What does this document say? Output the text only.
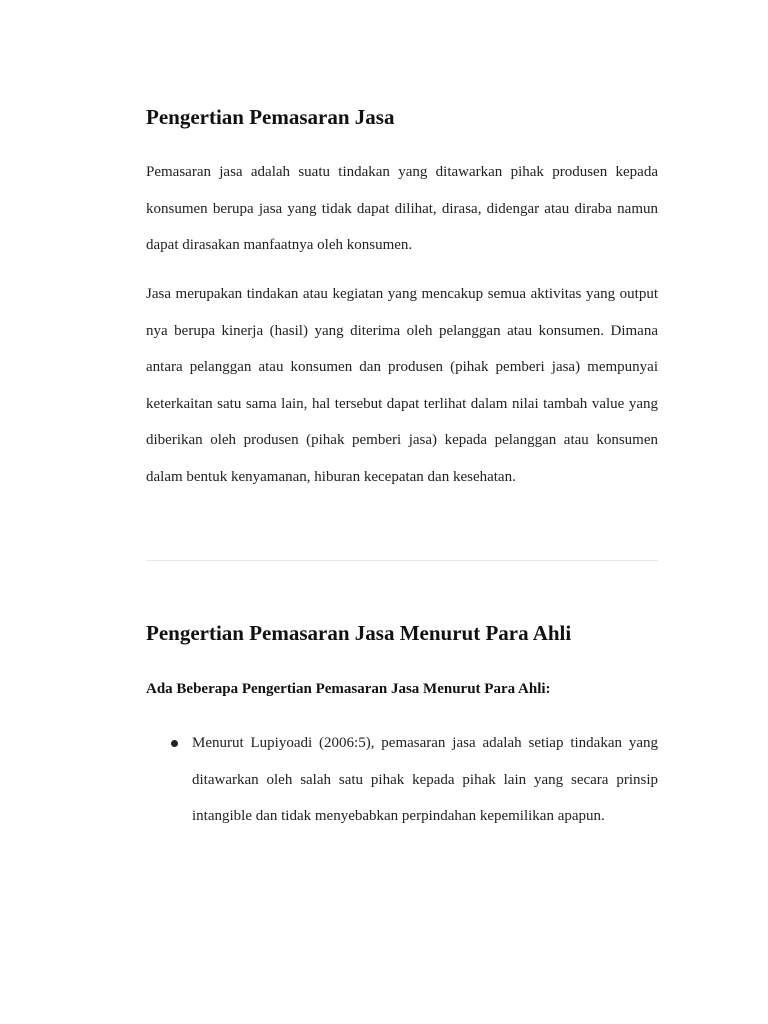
Pengertian Pemasaran Jasa

Pemasaran jasa adalah suatu tindakan yang ditawarkan pihak produsen kepada konsumen berupa jasa yang tidak dapat dilihat, dirasa, didengar atau diraba namun dapat dirasakan manfaatnya oleh konsumen.

Jasa merupakan tindakan atau kegiatan yang mencakup semua aktivitas yang output nya berupa kinerja (hasil) yang diterima oleh pelanggan atau konsumen. Dimana antara pelanggan atau konsumen dan produsen (pihak pemberi jasa) mempunyai keterkaitan satu sama lain, hal tersebut dapat terlihat dalam nilai tambah value yang diberikan oleh produsen (pihak pemberi jasa) kepada pelanggan atau konsumen dalam bentuk kenyamanan, hiburan kecepatan dan kesehatan.

Pengertian Pemasaran Jasa Menurut Para Ahli

Ada Beberapa Pengertian Pemasaran Jasa Menurut Para Ahli:

Menurut Lupiyoadi (2006:5), pemasaran jasa adalah setiap tindakan yang ditawarkan oleh salah satu pihak kepada pihak lain yang secara prinsip intangible dan tidak menyebabkan perpindahan kepemilikan apapun.
